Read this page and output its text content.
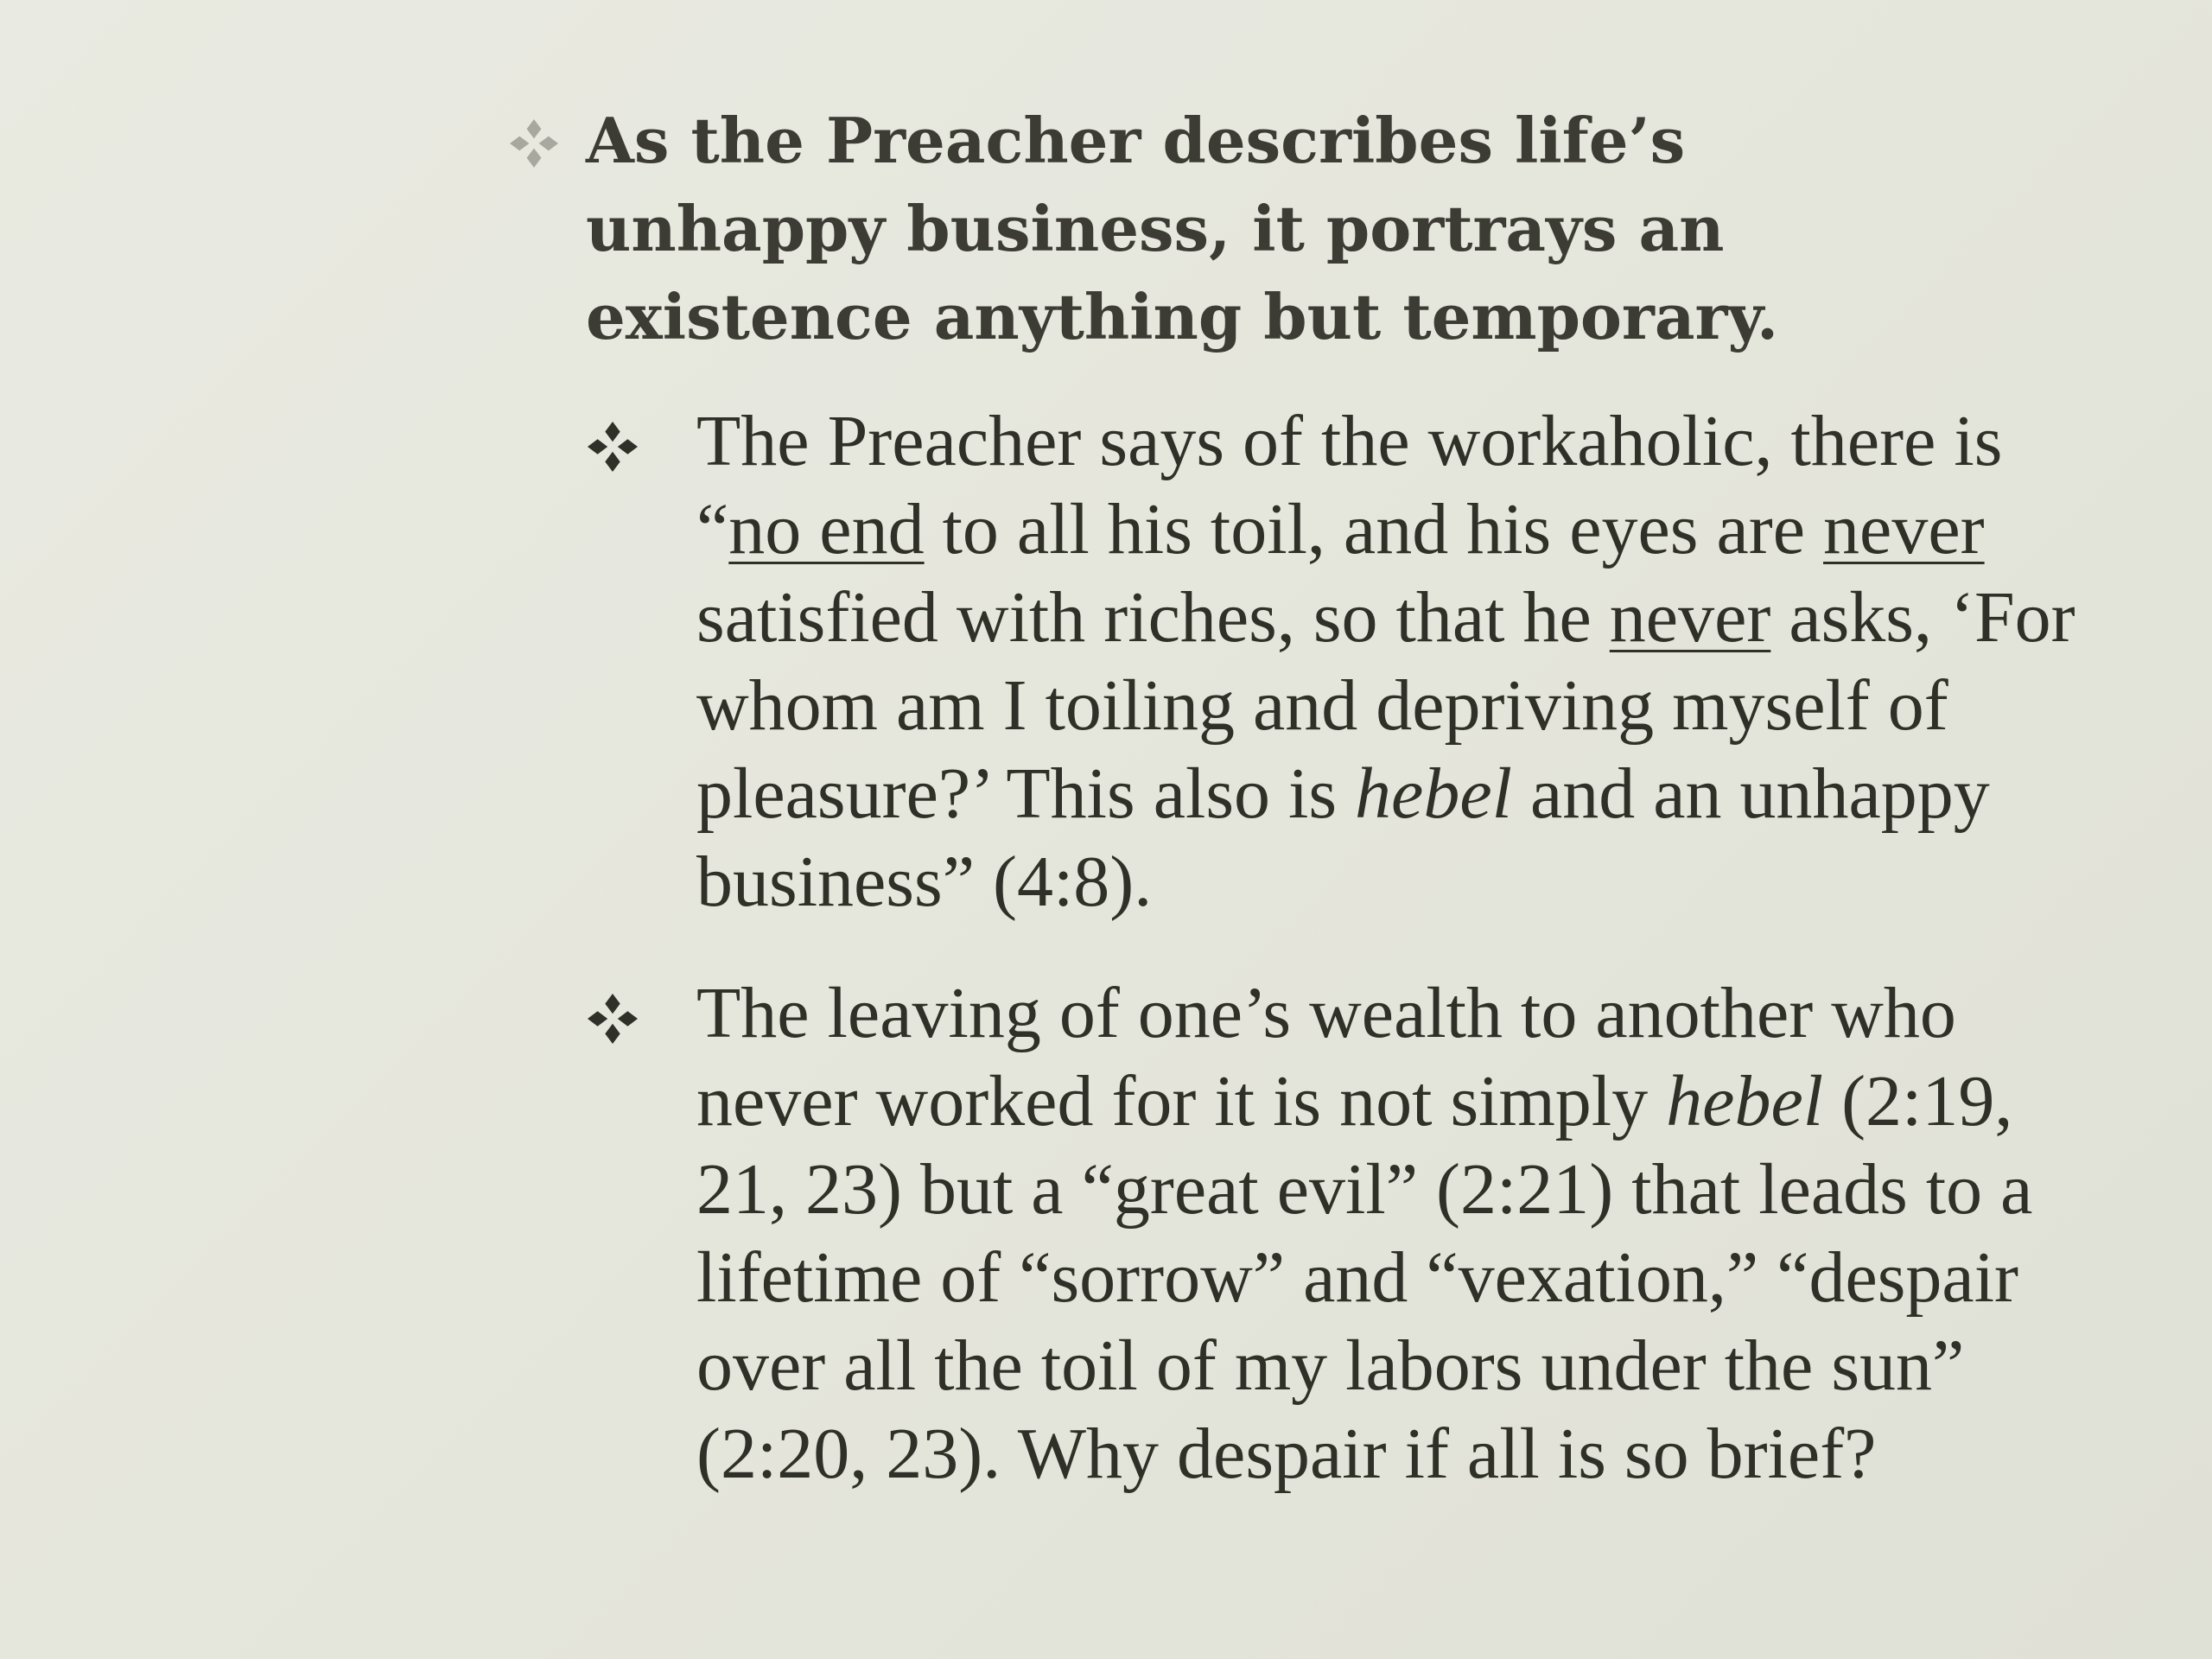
As the Preacher describes life’s unhappy business, it portrays an existence anything but temporary.
The Preacher says of the workaholic, there is “no end to all his toil, and his eyes are never satisfied with riches, so that he never asks, ‘For whom am I toiling and depriving myself of pleasure?’ This also is hebel and an unhappy business” (4:8).
The leaving of one’s wealth to another who never worked for it is not simply hebel (2:19, 21, 23) but a “great evil” (2:21) that leads to a lifetime of “sorrow” and “vexation,” “despair over all the toil of my labors under the sun” (2:20, 23). Why despair if all is so brief?
